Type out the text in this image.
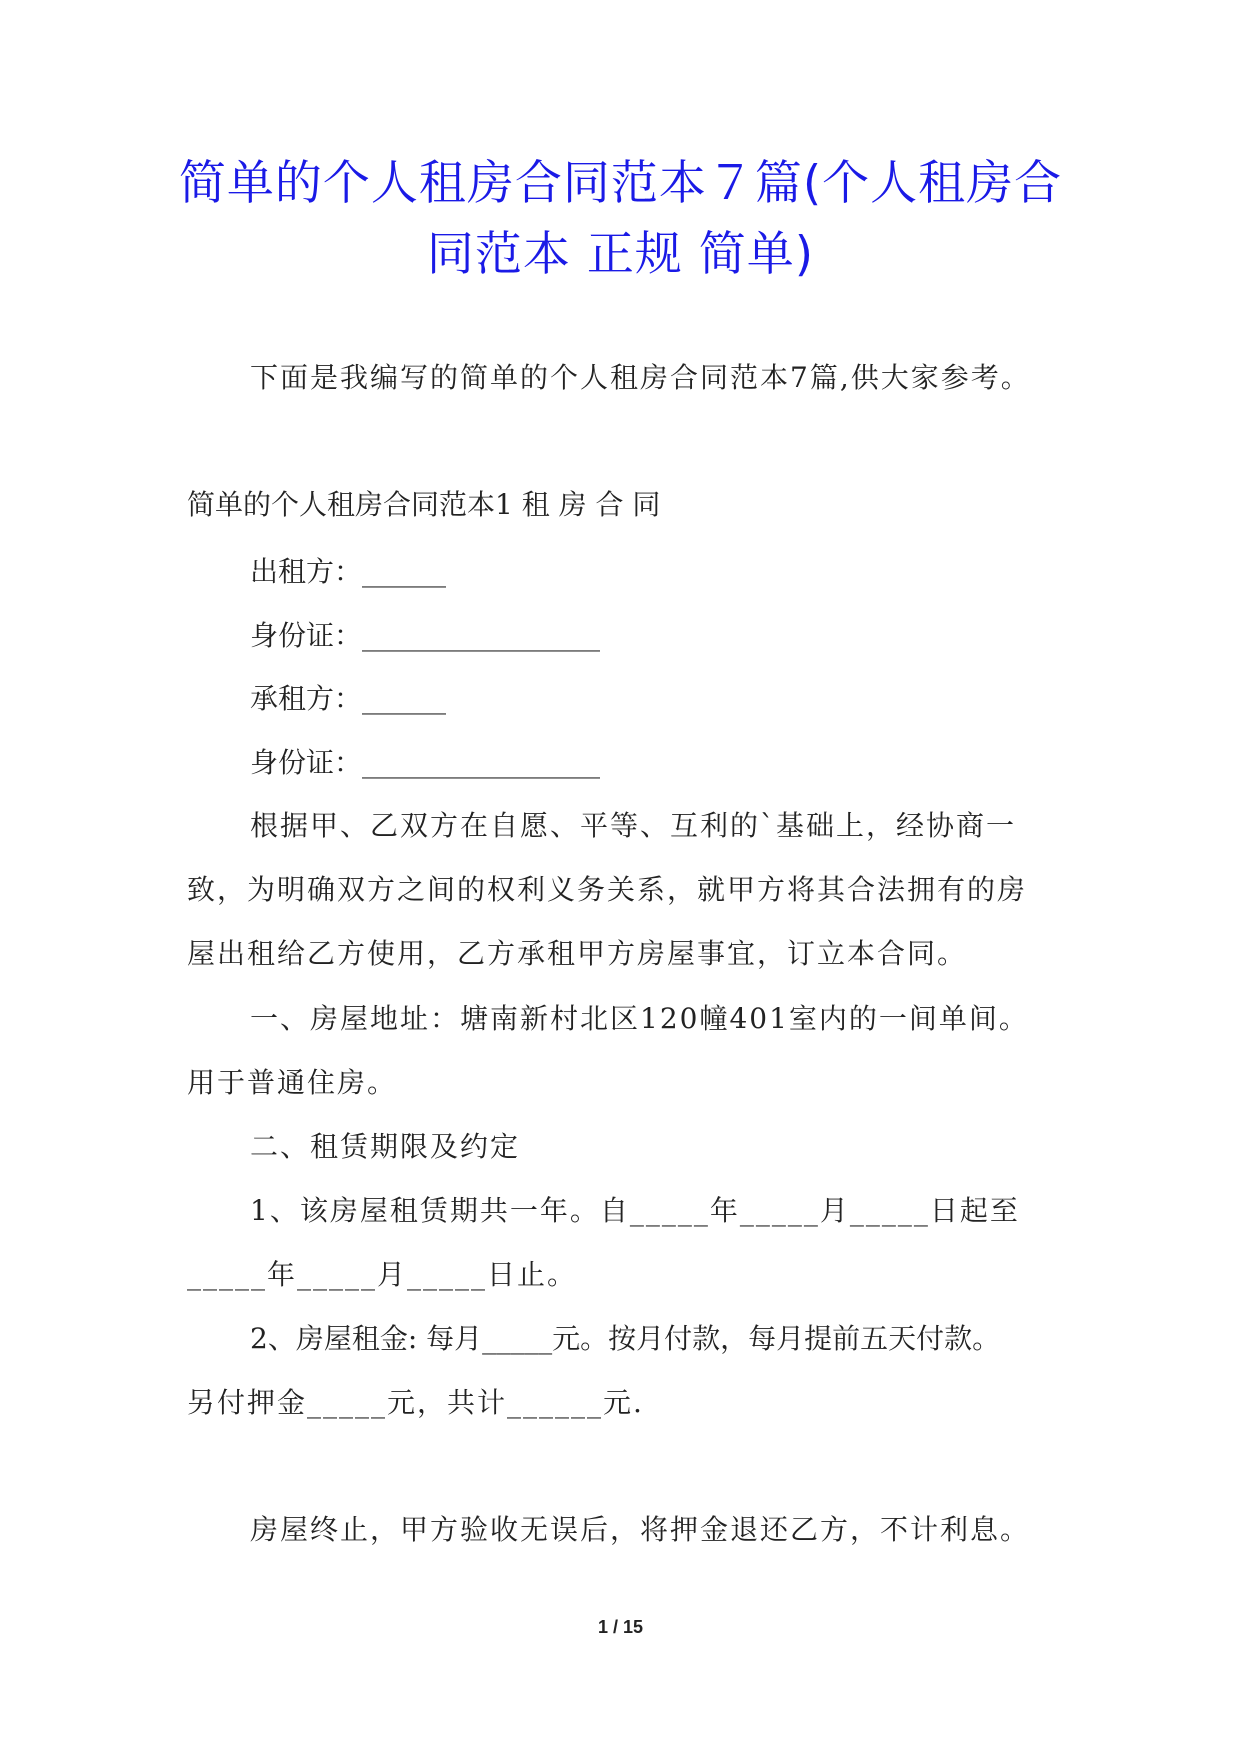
简单的个人租房合同范本７篇(个人租房合
同范本 正规 简单)
下面是我编写的简单的个人租房合同范本7篇,供大家参考。
简单的个人租房合同范本1 租 房 合 同
出租方：______
身份证：_________________
承租方：______
身份证：_________________
根据甲、乙双方在自愿、平等、互利的`基础上，经协商一
致，为明确双方之间的权利义务关系，就甲方将其合法拥有的房
屋出租给乙方使用，乙方承租甲方房屋事宜，订立本合同。
一、房屋地址：塘南新村北区120幢401室内的一间单间。
用于普通住房。
二、租赁期限及约定
1、该房屋租赁期共一年。自_____年_____月_____日起至
_____年_____月_____日止。
2、房屋租金: 每月_____元。按月付款，每月提前五天付款。
另付押金_____元，共计______元.
房屋终止，甲方验收无误后，将押金退还乙方，不计利息。
1 / 15
